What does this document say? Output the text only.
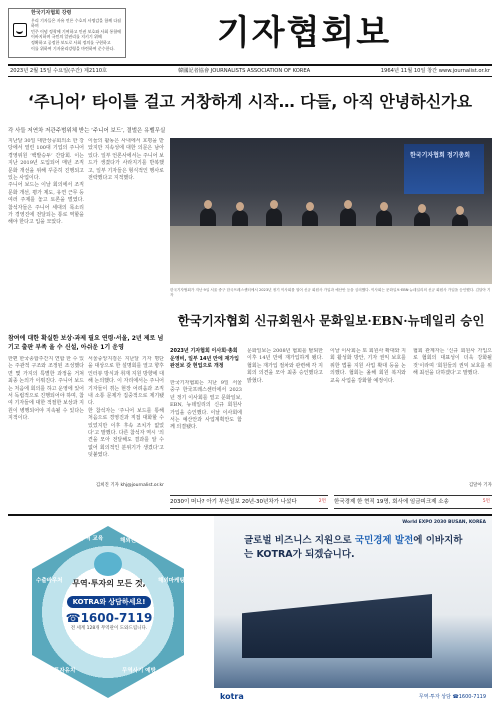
한국기자협회 강령
우리 기자들은 자유 언론 수호의 사명감을 함께 다짐하며
민주 이념 정착에 기여하고 인권 보호와 사회 통합에
이바지하며 국민의 알권리를 지키기 위해
정확하고 공정한 보도로 사회 정의를 구현하고
이를 위하여 기자윤리강령을 마련하여 준수한다.	기자협회보
2023년 2월 15일 수요일(주간) 제2110호	韓國記者協會 JOURNALISTS ASSOCIATION OF KOREA	1964년 11월 10일 창간 www.journalist.or.kr
‘주니어’ 타이틀 걸고 거창하게 시작… 다들, 아직 안녕하신가요
각 사들 저연차 저관주범위체 받는 ‘주니어 보드’, 결벌은 유벨무실

지난달 30일 대한상공회의소 한 강당에서 열린 100대 기업의 주니어 경영위원 ‘백발승두’ 간담회. 이는 지난 2019년 도입되어 매년 조직문화 개선을 위해 꾸준히 진행되고 있는 사업이다.

주니어 보드는 이날 회의에서 조직 문화 개선, 평가 제도, 유연 근무 등 여러 주제를 놓고 토론을 벌였다. 참석자들은 주니어 세대의 목소리가 경영진에 전달되는 통로 역할을 해야 한다고 입을 모았다.

이들의 활동은 사내에서 호평을 받았지만 지속성에 대한 의문은 남아 있다. 일부 언론사에서는 주니어 보드가 생겼다가 사라지기를 반복했고, 일부 기자들은 형식적인 행사로 전락했다고 지적했다.

참여에 대한 확실한 보상·과제 필요 연령·서울, 2년 제로 넘기고 출판 부족 올 수 신설, 아쉬운 1기 운영

한편 한국종합주간지 연합 한 수 있는 주관적 구조와 조정된 조성했다면 몇 가지의 특별한 과정을 거쳐 최종 논의가 이뤄진다. 주니어 보드는 처음에 회의를 하고 운영에 있어서 독립적으로 진행되어야 하며, 참여 기자들에 대한 적절한 보상과 지원이 병행되어야 지속될 수 있다는 지적이다.

서울중앙지검은 지난달 기자 명단을 대상으로 한 설명회를 열고 향후 인터뷰 방식과 취재 지원 방향에 대해 논의했다. 이 자리에서는 주니어 기자들이 겪는 현장 어려움과 조직 내 소통 문제가 집중적으로 제기됐다.

한 참석자는 ‘주니어 보드를 통해 처음으로 경영진과 직접 대화할 수 있었지만 이후 후속 조치가 없었다’고 말했다. 다른 참석자 역시 ‘의견을 모아 전달해도 결과를 알 수 없어 회의적인 분위기가 생겼다’고 덧붙였다.

김희진 기자 khj@journalist.or.kr
한국기자협회 정기총회
한국기자협회가 지난 9일 서울 중구 한국프레스센터에서 2023년 정기 이사회를 열어 신규 회원사 가입과 예산안 등을 심의했다. 이사회는 문화일보·EBN·뉴데일리의 신규 회원사 가입을 승인했다. 김달아 기자
한국기자협회 신규회원사 문화일보·EBN·뉴데일리 승인
2023년 기자협회 이사회·총회 운영비, 일부 14년 만에 재가입 완전보 갖 현업으로 개정

한국기자협회는 지난 9일 서울 중구 한국프레스센터에서 2023년 정기 이사회를 열고 문화일보, EBN, 뉴데일리의 신규 회원사 가입을 승인했다. 이날 이사회에서는 예산안과 사업계획안도 함께 의결됐다.

문화일보는 2008년 협회를 탈퇴한 이후 14년 만에 재가입하게 됐다. 협회는 재가입 절차와 관련해 각 지회의 의견을 모아 최종 승인했다고 밝혔다.

이날 이사회는 또 회원사 확대와 지회 활성화 방안, 기자 권익 보호를 위한 법률 지원 사업 확대 등을 논의했다. 협회는 올해 회원 복지와 교육 사업을 강화할 예정이다.

협회 관계자는 ‘신규 회원사 가입으로 협회의 대표성이 더욱 강화될 것’이라며 ‘회원들의 권익 보호를 위해 최선을 다하겠다’고 말했다.

김달아 기자
2030이 떠나? 아기 부산일보 20년-30년차가 나섰다	2면 한국경제 한 현직 19명, 회사에 임금피크제 소송	5면
무역 교육	해외전시 참가
수출바우처	해외마케팅
투자유치	무역사기 예방
무역·투자의 모든 것,
KOTRA와 상담하세요!
☎1600-7119
전 세계 128개 무역관이 도와드립니다.
World EXPO 2030 BUSAN, KOREA
글로벌 비즈니스 지원으로 국민경제 발전에 이바지하는 KOTRA가 되겠습니다.
kotra	무역·투자 상담 ☎1600-7119
